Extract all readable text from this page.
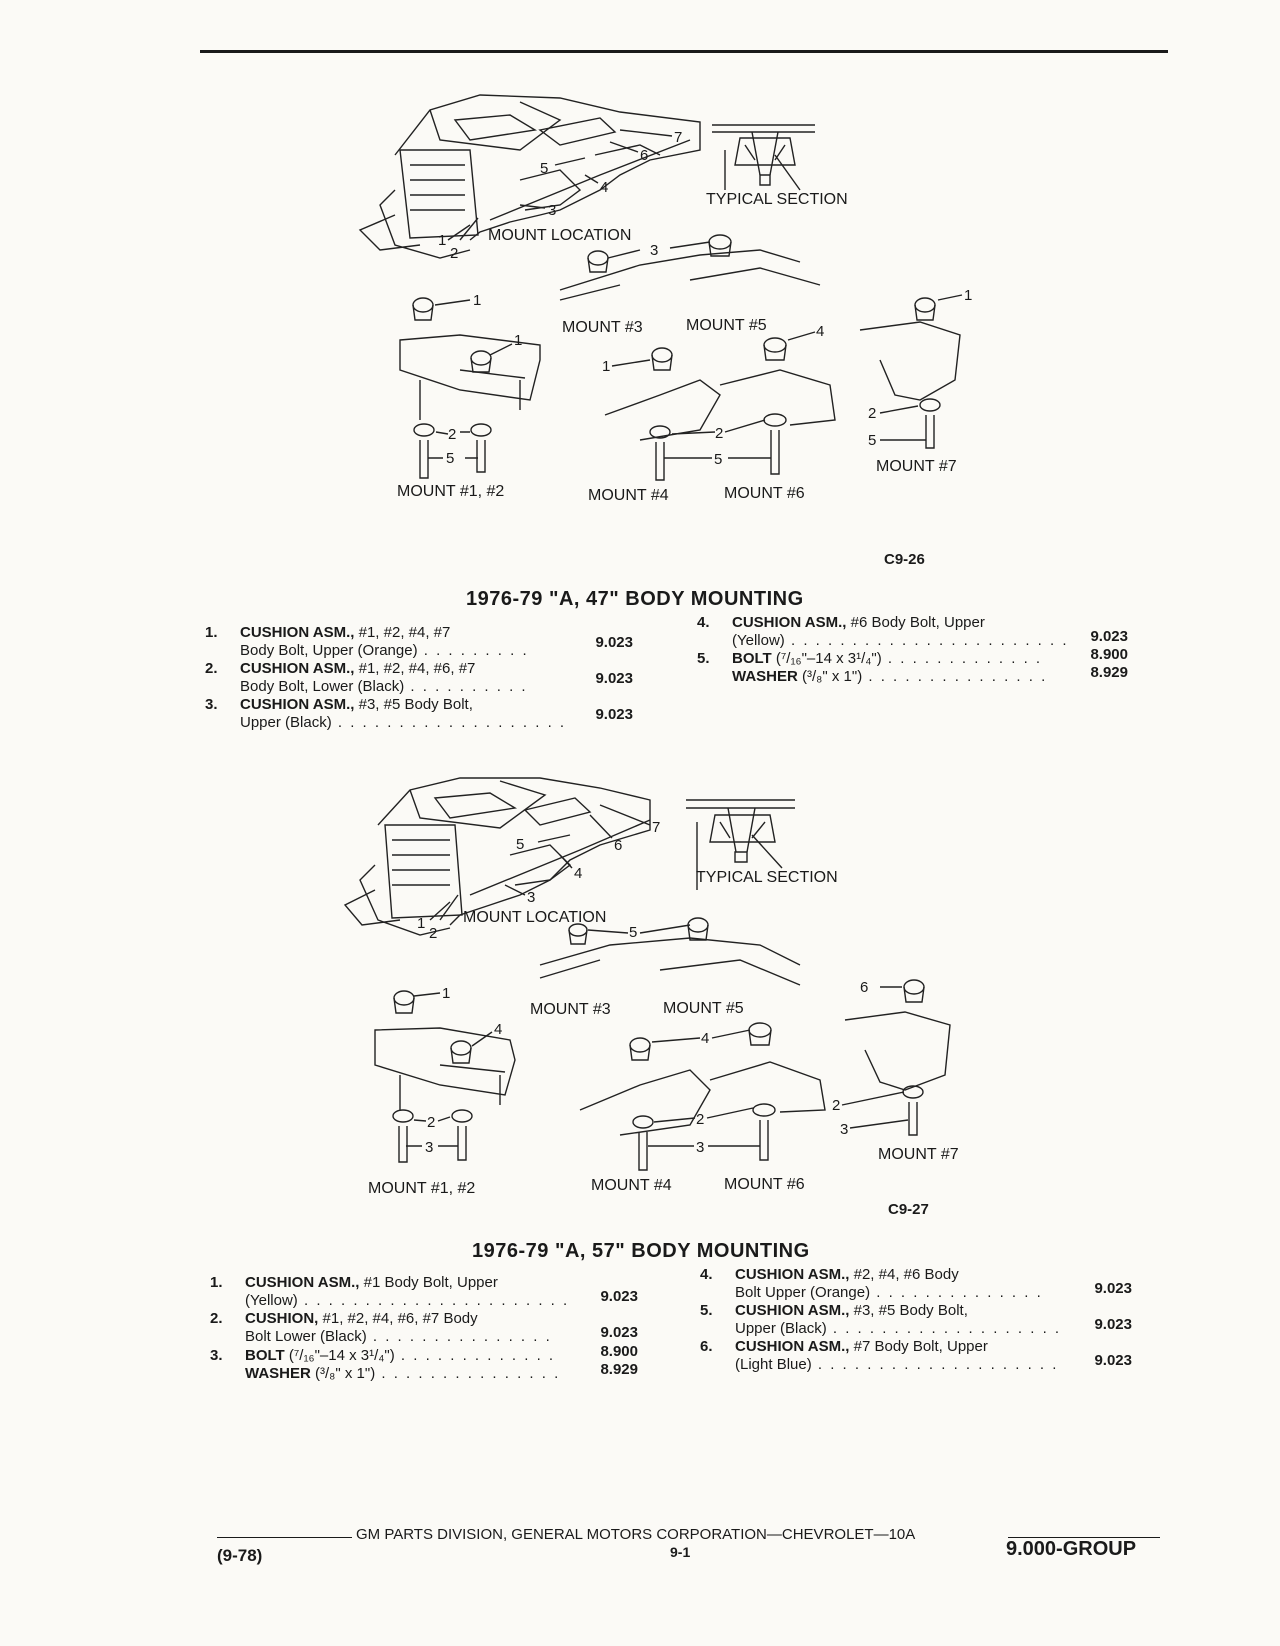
7
6
5
4
3
1
2	3
1
1
2
5
1
4
2
5
1
2
5
MOUNT LOCATION
TYPICAL SECTION
MOUNT #3	MOUNT #5
MOUNT #1, #2	MOUNT #4	MOUNT #6
MOUNT #7
C9-26
1976-79 "A, 47" BODY MOUNTING
1. CUSHION ASM., #1, #2, #4, #7
Body Bolt, Upper (Orange) . . . . . . . . .	9.023
2. CUSHION ASM., #1, #2, #4, #6, #7
Body Bolt, Lower (Black) . . . . . . . . . .	9.023
3. CUSHION ASM., #3, #5 Body Bolt,
Upper (Black) . . . . . . . . . . . . . . . . . . .	9.023
4. CUSHION ASM., #6 Body Bolt, Upper
(Yellow) . . . . . . . . . . . . . . . . . . . . . . .	9.023
5. BOLT (⁷/₁₆"–14 x 3¹/₄") . . . . . . . . . . . . .	8.900
WASHER (³/₈" x 1") . . . . . . . . . . . . . . .	8.929
7
6
5
4
3
1
2	5
1
4
2
3
4
2
3
6
2
3
MOUNT LOCATION
TYPICAL SECTION
MOUNT #3	MOUNT #5
MOUNT #1, #2	MOUNT #4	MOUNT #6
MOUNT #7
C9-27
1976-79 "A, 57" BODY MOUNTING
1. CUSHION ASM., #1 Body Bolt, Upper
(Yellow) . . . . . . . . . . . . . . . . . . . . . .	9.023
2. CUSHION, #1, #2, #4, #6, #7 Body
Bolt Lower (Black) . . . . . . . . . . . . . . .	9.023
3. BOLT (⁷/₁₆"–14 x 3¹/₄") . . . . . . . . . . . . .	8.900
WASHER (³/₈" x 1") . . . . . . . . . . . . . . .	8.929
4. CUSHION ASM., #2, #4, #6 Body
Bolt Upper (Orange) . . . . . . . . . . . . . .	9.023
5. CUSHION ASM., #3, #5 Body Bolt,
Upper (Black) . . . . . . . . . . . . . . . . . . .	9.023
6. CUSHION ASM., #7 Body Bolt, Upper
(Light Blue) . . . . . . . . . . . . . . . . . . . .	9.023
GM PARTS DIVISION, GENERAL MOTORS CORPORATION—CHEVROLET—10A
(9-78)	9-1	9.000-GROUP
